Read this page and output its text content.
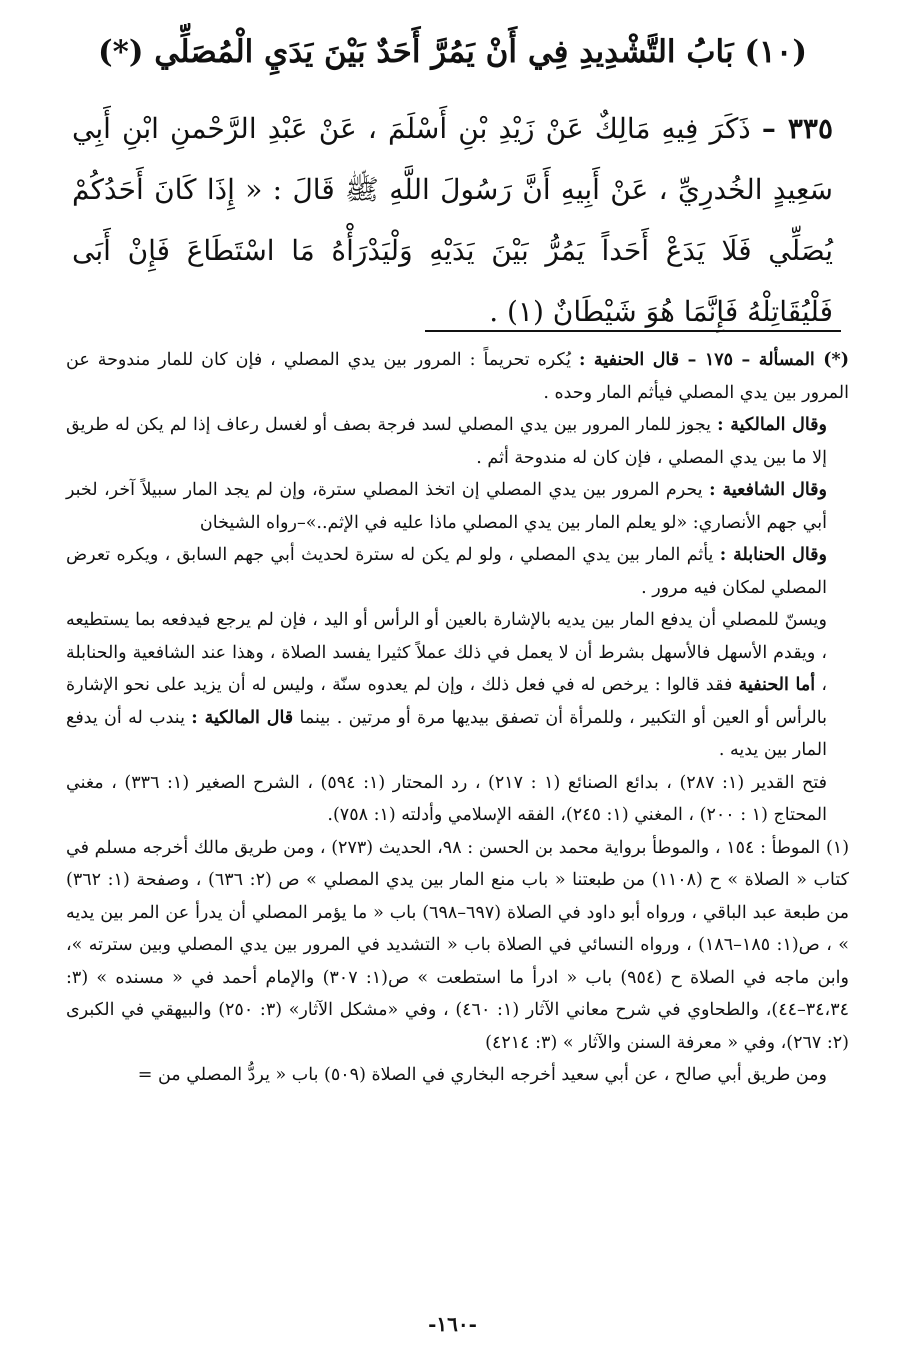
(١٠) بَابُ التَّشْدِيدِ فِي أَنْ يَمُرَّ أَحَدٌ بَيْنَ يَدَيِ الْمُصَلِّي (*)
٣٣٥ – ذَكَرَ فِيهِ مَالِكٌ عَنْ زَيْدِ بْنِ أَسْلَمَ ، عَنْ عَبْدِ الرَّحْمنِ ابْنِ أَبِي سَعِيدٍ الخُدرِيِّ ، عَنْ أَبِيهِ أَنَّ رَسُولَ اللَّهِ ﷺ قَالَ : « إِذَا كَانَ أَحَدُكُمْ يُصَلِّي فَلَا يَدَعْ أَحَداً يَمُرُّ بَيْنَ يَدَيْهِ وَلْيَدْرَأْهُ مَا اسْتَطَاعَ فَإِنْ أَبَى فَلْيُقَاتِلْهُ فَإِنَّمَا هُوَ شَيْطَانٌ (١) .

(*) المسألة – ١٧٥ – قال الحنفية : يُكره تحريماً : المرور بين يدي المصلي ، فإن كان للمار مندوحة عن المرور بين يدي المصلي فيأثم المار وحده .

وقال المالكية : يجوز للمار المرور بين يدي المصلي لسد فرجة بصف أو لغسل رعاف إذا لم يكن له طريق إلا ما بين يدي المصلي ، فإن كان له مندوحة أثم .

وقال الشافعية : يحرم المرور بين يدي المصلي إن اتخذ المصلي سترة، وإن لم يجد المار سبيلاً آخر، لخبر أبي جهم الأنصاري: «لو يعلم المار بين يدي المصلي ماذا عليه في الإثم..»–رواه الشيخان

وقال الحنابلة : يأثم المار بين يدي المصلي ، ولو لم يكن له سترة لحديث أبي جهم السابق ، ويكره تعرض المصلي لمكان فيه مرور .

ويسنّ للمصلي أن يدفع المار بين يديه بالإشارة بالعين أو الرأس أو اليد ، فإن لم يرجع فيدفعه بما يستطيعه ، ويقدم الأسهل فالأسهل بشرط أن لا يعمل في ذلك عملاً كثيرا يفسد الصلاة ، وهذا عند الشافعية والحنابلة ، أما الحنفية فقد قالوا : يرخص له في فعل ذلك ، وإن لم يعدوه سنّة ، وليس له أن يزيد على نحو الإشارة بالرأس أو العين أو التكبير ، وللمرأة أن تصفق بيديها مرة أو مرتين . بينما قال المالكية : يندب له أن يدفع المار بين يديه .

فتح القدير (١: ٢٨٧) ، بدائع الصنائع (١ : ٢١٧) ، رد المحتار (١: ٥٩٤) ، الشرح الصغير (١: ٣٣٦) ، مغني المحتاج (١ : ٢٠٠) ، المغني (١: ٢٤٥)، الفقه الإسلامي وأدلته (١: ٧٥٨).

(١) الموطأ : ١٥٤ ، والموطأ برواية محمد بن الحسن : ٩٨، الحديث (٢٧٣) ، ومن طريق مالك أخرجه مسلم في كتاب « الصلاة » ح (١١٠٨) من طبعتنا « باب منع المار بين يدي المصلي » ص (٢: ٦٣٦) ، وصفحة (١: ٣٦٢) من طبعة عبد الباقي ، ورواه أبو داود في الصلاة (٦٩٧–٦٩٨) باب « ما يؤمر المصلي أن يدرأ عن المر بين يديه » ، ص(١: ١٨٥–١٨٦) ، ورواه النسائي في الصلاة باب « التشديد في المرور بين يدي المصلي وبين سترته »، وابن ماجه في الصلاة ح (٩٥٤) باب « ادرأ ما استطعت » ص(١: ٣٠٧) والإمام أحمد في « مسنده » (٣: ٣٤،٣٤–٤٤)، والطحاوي في شرح معاني الآثار (١: ٤٦٠) ، وفي «مشكل الآثار» (٣: ٢٥٠) والبيهقي في الكبرى (٢: ٢٦٧)، وفي « معرفة السنن والآثار » (٣: ٤٢١٤)

ومن طريق أبي صالح ، عن أبي سعيد أخرجه البخاري في الصلاة (٥٠٩) باب « يردُّ المصلي من =

-١٦٠-
